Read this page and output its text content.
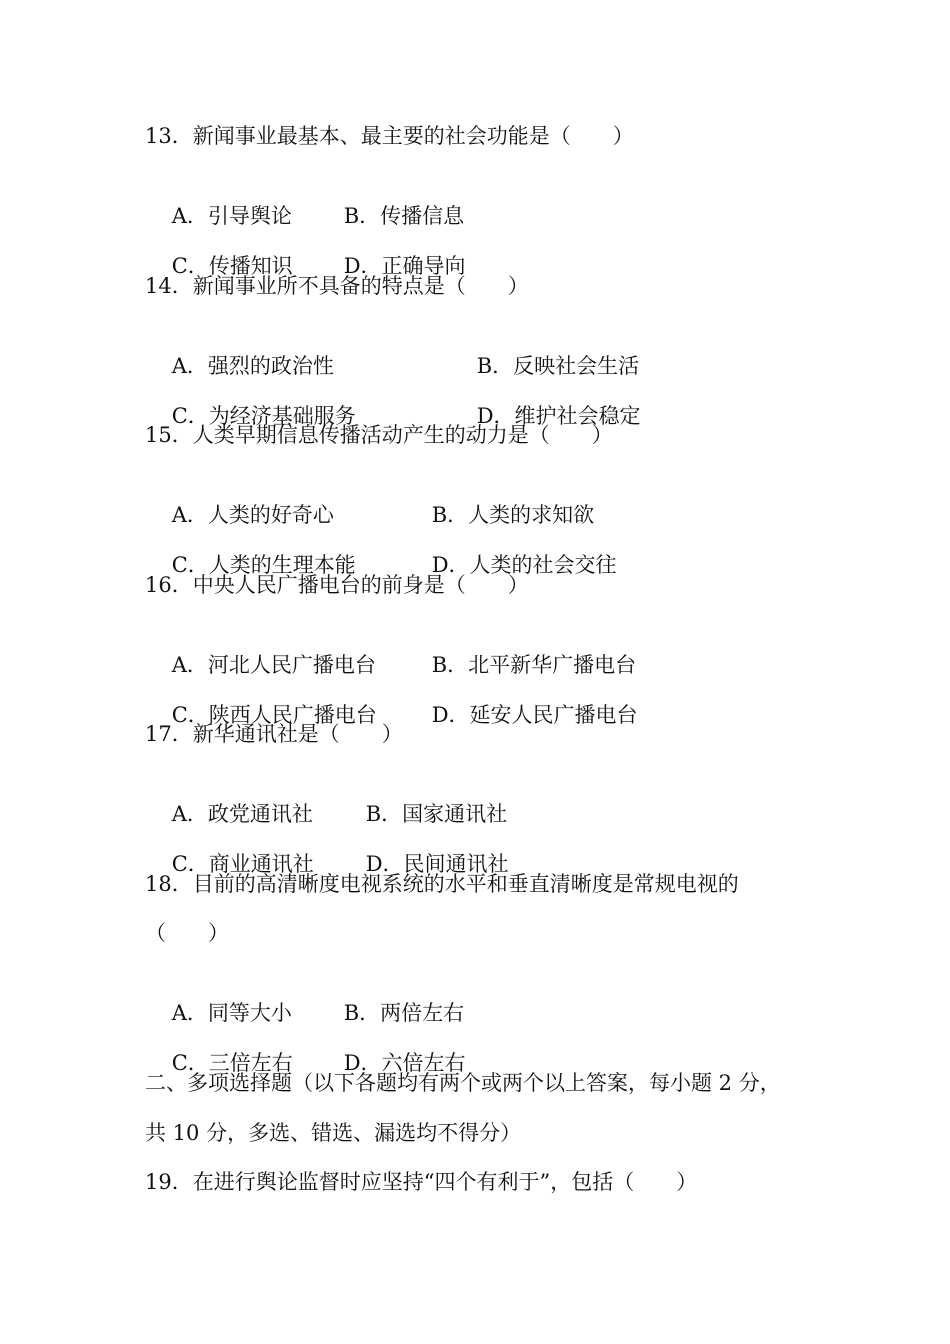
13．新闻事业最基本、最主要的社会功能是（　　）

A．引导舆论 B．传播信息

C．传播知识 D．正确导向

14．新闻事业所不具备的特点是（　　）

A．强烈的政治性	B．反映社会生活

C．为经济基础服务	D．维护社会稳定

15．人类早期信息传播活动产生的动力是（　　）

A．人类的好奇心	B．人类的求知欲

C．人类的生理本能	D．人类的社会交往

16．中央人民广播电台的前身是（　　）

A．河北人民广播电台	B．北平新华广播电台

C．陕西人民广播电台	D．延安人民广播电台

17．新华通讯社是（　　）

A．政党通讯社	B．国家通讯社

C．商业通讯社 D．民间通讯社

18．目前的高清晰度电视系统的水平和垂直清晰度是常规电视的
（　　）

A．同等大小 B．两倍左右

C．三倍左右 D．六倍左右

二、多项选择题（以下各题均有两个或两个以上答案，每小题 2 分，
共 10 分，多选、错选、漏选均不得分）
19．在进行舆论监督时应坚持“四个有利于”，包括（　　）
